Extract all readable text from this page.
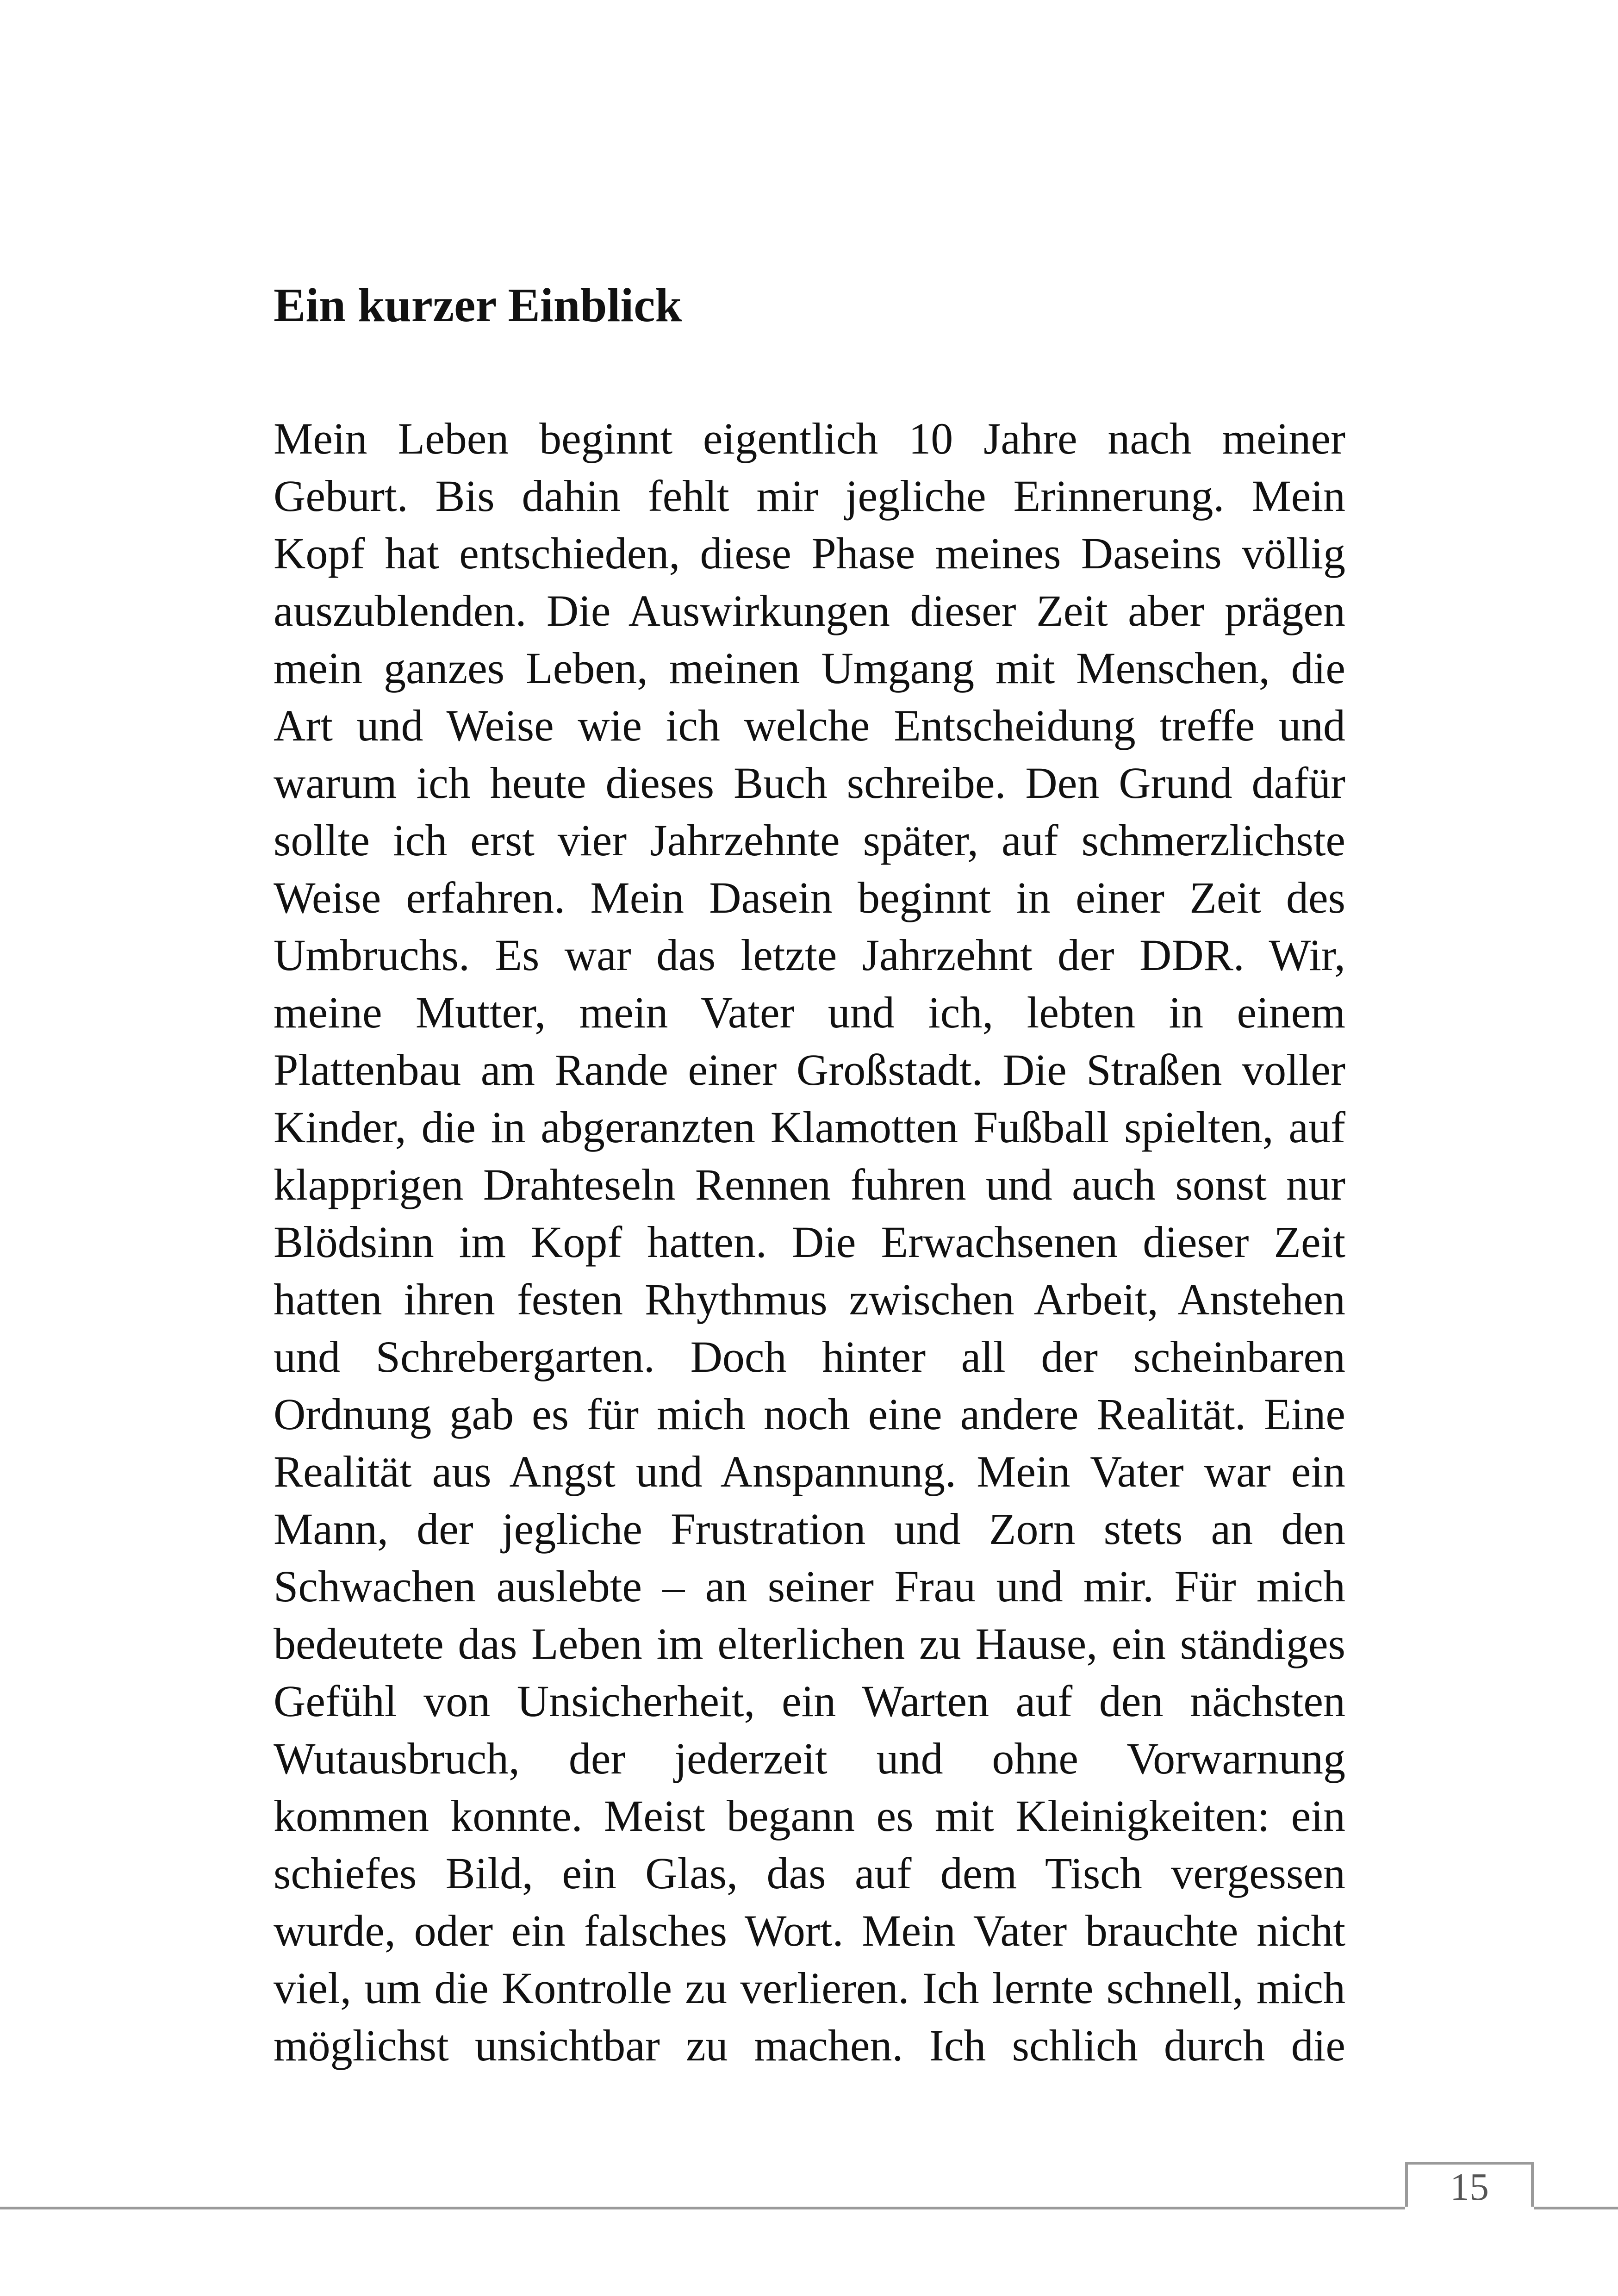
Ein kurzer Einblick
Mein Leben beginnt eigentlich 10 Jahre nach meiner
Geburt. Bis dahin fehlt mir jegliche Erinnerung. Mein
Kopf hat entschieden, diese Phase meines Daseins völlig
auszublenden. Die Auswirkungen dieser Zeit aber prägen
mein ganzes Leben, meinen Umgang mit Menschen, die
Art und Weise wie ich welche Entscheidung treffe und
warum ich heute dieses Buch schreibe. Den Grund dafür
sollte ich erst vier Jahrzehnte später, auf schmerzlichste
Weise erfahren. Mein Dasein beginnt in einer Zeit des
Umbruchs. Es war das letzte Jahrzehnt der DDR. Wir,
meine Mutter, mein Vater und ich, lebten in einem
Plattenbau am Rande einer Großstadt. Die Straßen voller
Kinder, die in abgeranzten Klamotten Fußball spielten, auf
klapprigen Drahteseln Rennen fuhren und auch sonst nur
Blödsinn im Kopf hatten. Die Erwachsenen dieser Zeit
hatten ihren festen Rhythmus zwischen Arbeit, Anstehen
und Schrebergarten. Doch hinter all der scheinbaren
Ordnung gab es für mich noch eine andere Realität. Eine
Realität aus Angst und Anspannung. Mein Vater war ein
Mann, der jegliche Frustration und Zorn stets an den
Schwachen auslebte – an seiner Frau und mir. Für mich
bedeutete das Leben im elterlichen zu Hause, ein ständiges
Gefühl von Unsicherheit, ein Warten auf den nächsten
Wutausbruch, der jederzeit und ohne Vorwarnung
kommen konnte. Meist begann es mit Kleinigkeiten: ein
schiefes Bild, ein Glas, das auf dem Tisch vergessen
wurde, oder ein falsches Wort. Mein Vater brauchte nicht
viel, um die Kontrolle zu verlieren. Ich lernte schnell, mich
möglichst unsichtbar zu machen. Ich schlich durch die
15
